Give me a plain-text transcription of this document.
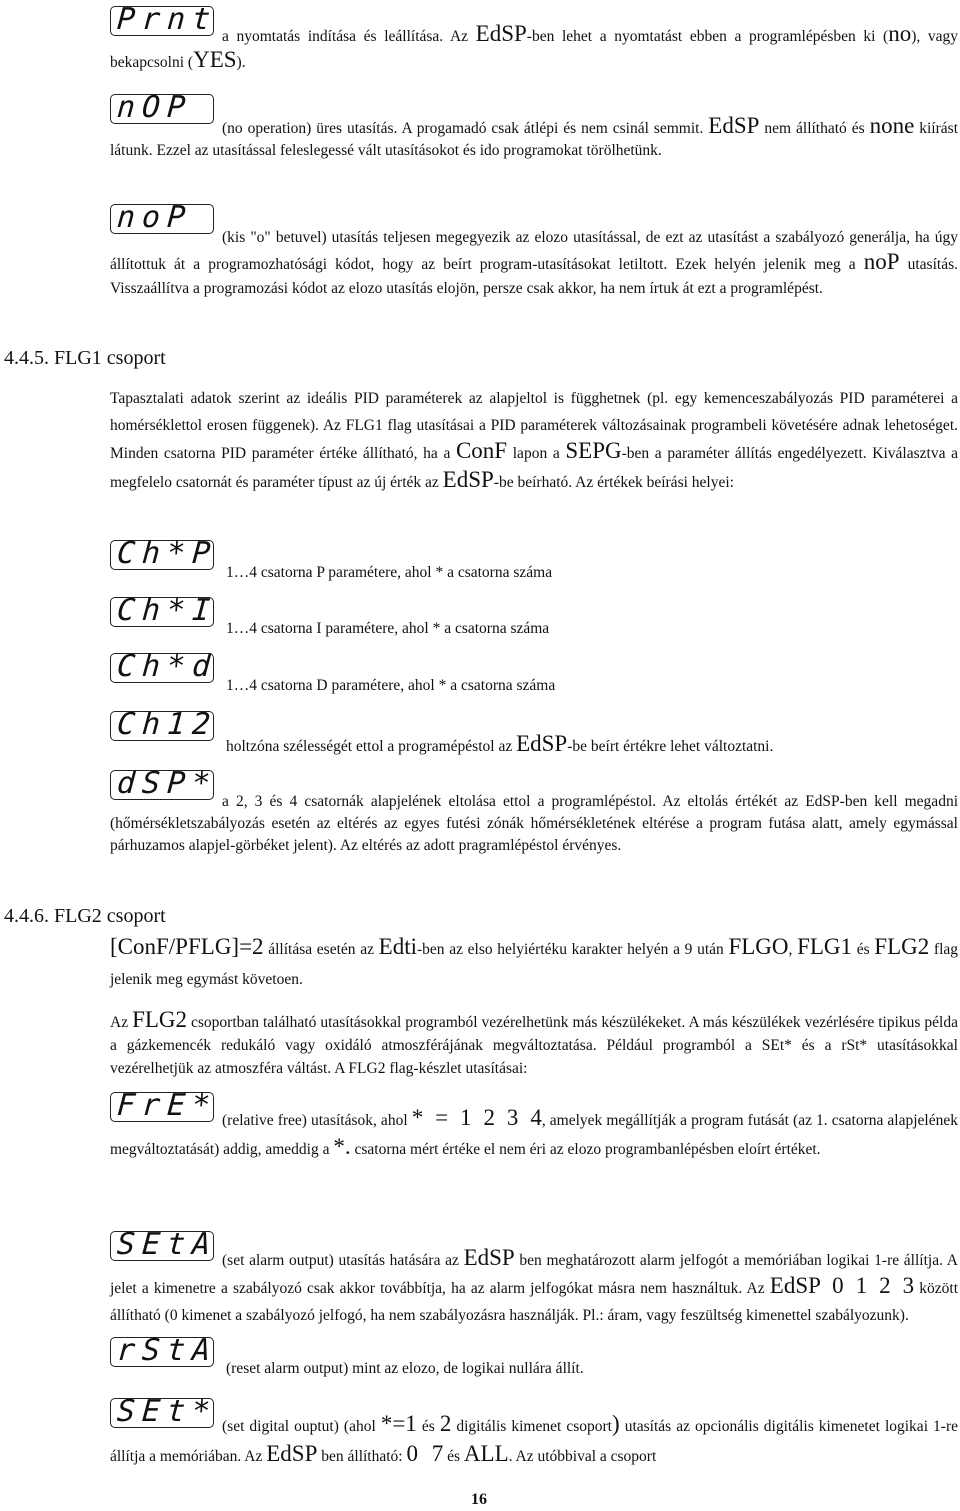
Prnt a nyomtatás indítása és leállítása. Az EdSP-ben lehet a nyomtatást ebben a programlépésben ki (no), vagy bekapcsolni (YES).
nOP
(no operation) üres utasítás. A progamadó csak átlépi és nem csinál semmit. EdSP nem állítható és none kiírást látunk. Ezzel az utasítással feleslegessé vált utasításokot és ido programokat törölhetünk.
noP
(kis "o" betuvel) utasítás teljesen megegyezik az elozo utasítással, de ezt az utasítást a szabályozó generálja, ha úgy állítottuk át a programozhatósági kódot, hogy az beírt program-utasításokat letiltott. Ezek helyén jelenik meg a noP utasítás. Visszaállítva a programozási kódot az elozo utasítás elojön, persze csak akkor, ha nem írtuk át ezt a programlépést.
4.4.5. FLG1 csoport
Tapasztalati adatok szerint az ideális PID paraméterek az alapjeltol is függhetnek (pl. egy kemenceszabályozás PID paraméterei a homérséklettol erosen függenek). Az FLG1 flag utasításai a PID paraméterek változásainak programbeli követésére adnak lehetoséget. Minden csatorna PID paraméter értéke állítható, ha a ConF lapon a SEPG-ben a paraméter állítás engedélyezett. Kiválasztva a megfelelo csatornát és paraméter típust az új érték az EdSP-be beírható. Az értékek beírási helyei:
Ch*P
1…4 csatorna P paramétere, ahol * a csatorna száma
Ch*I
1…4 csatorna I paramétere, ahol * a csatorna száma
Ch*d
1…4 csatorna D paramétere, ahol * a csatorna száma
Ch12
holtzóna szélességét ettol a programépéstol az EdSP-be beírt értékre lehet változtatni.
dSP*
a 2, 3 és 4 csatornák alapjelének eltolása ettol a programlépéstol. Az eltolás értékét az EdSP-ben kell megadni (hőmérsékletszabályozás esetén az eltérés az egyes futési zónák hőmérsékletének eltérése a program futása alatt, amely egymással párhuzamos alapjel-görbéket jelent). Az eltérés az adott pragramlépéstol érvényes.
4.4.6. FLG2 csoport
[ConF/PFLG]=2 állítása esetén az Edti-ben az elso helyiértéku karakter helyén a 9 után FLGO, FLG1 és FLG2 flag jelenik meg egymást követoen.
Az FLG2 csoportban található utasításokkal programból vezérelhetünk más készülékeket. A más készülékek vezérlésére tipikus példa a gázkemencék redukáló vagy oxidáló atmoszférájának megváltoztatása. Például programból a SEt* és a rSt* utasításokkal vezérelhetjük az atmoszféra váltást. A FLG2 flag-készlet utasításai:
FrE* (relative free) utasítások, ahol * = 1 2 3 4, amelyek megállítják a program futását (az 1. csatorna alapjelének megváltoztatását) addig, ameddig a *. csatorna mért értéke el nem éri az elozo programbanlépésben eloírt értéket.
SEtA (set alarm output) utasítás hatására az EdSP ben meghatározott alarm jelfogót a memóriában logikai 1-re állítja. A jelet a kimenetre a szabályozó csak akkor továbbítja, ha az alarm jelfogókat másra nem használtuk. Az EdSP 0 1 2 3 között állítható (0 kimenet a szabályozó jelfogó, ha nem szabályozásra használják. Pl.: áram, vagy feszültség kimenettel szabályozunk).
rStA
(reset alarm output) mint az elozo, de logikai nullára állít.
SEt* (set digital ouptut) (ahol *=1 és 2 digitális kimenet csoport) utasítás az opcionális digitális kimenetet logikai 1-re állítja a memóriában. Az EdSP ben állítható: 0 7 és ALL. Az utóbbival a csoport
16
